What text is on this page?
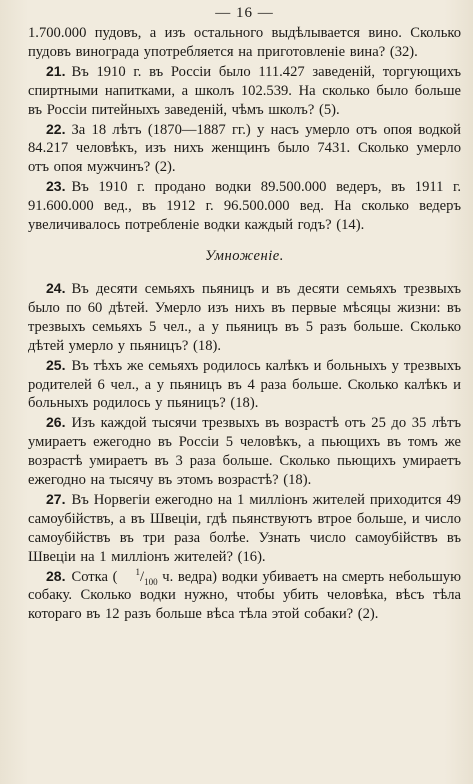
— 16 —

1.700.000 пудовъ, а изъ остального выдѣлывается вино. Сколько пудовъ винограда употребляется на приготовленіе вина? (32).

21. Въ 1910 г. въ Россіи было 111.427 заведеній, торгующихъ спиртными напитками, а школъ 102.539. На сколько было больше въ Россіи питейныхъ заведеній, чѣмъ школъ? (5).

22. За 18 лѣтъ (1870—1887 гг.) у насъ умерло отъ опоя водкой 84.217 человѣкъ, изъ нихъ женщинъ было 7431. Сколько умерло отъ опоя мужчинъ? (2).

23. Въ 1910 г. продано водки 89.500.000 ведеръ, въ 1911 г. 91.600.000 вед., въ 1912 г. 96.500.000 вед. На сколько ведеръ увеличивалось потребленіе водки каждый годъ? (14).

Умноженіе.

24. Въ десяти семьяхъ пьяницъ и въ десяти семьяхъ трезвыхъ было по 60 дѣтей. Умерло изъ нихъ въ первые мѣсяцы жизни: въ трезвыхъ семьяхъ 5 чел., а у пьяницъ въ 5 разъ больше. Сколько дѣтей умерло у пьяницъ? (18).

25. Въ тѣхъ же семьяхъ родилось калѣкъ и больныхъ у трезвыхъ родителей 6 чел., а у пьяницъ въ 4 раза больше. Сколько калѣкъ и больныхъ родилось у пьяницъ? (18).

26. Изъ каждой тысячи трезвыхъ въ возрастѣ отъ 25 до 35 лѣтъ умираетъ ежегодно въ Россіи 5 человѣкъ, а пьющихъ въ томъ же возрастѣ умираетъ въ 3 раза больше. Сколько пьющихъ умираетъ ежегодно на тысячу въ этомъ возрастѣ? (18).

27. Въ Норвегіи ежегодно на 1 милліонъ жителей приходится 49 самоубійствъ, а въ Швеціи, гдѣ пьянствуютъ втрое больше, и число самоубійствъ въ три раза болѣе. Узнать число самоубійствъ въ Швеціи на 1 милліонъ жителей? (16).

28. Сотка ( $^1/_{100}$ ч. ведра) водки убиваетъ на смерть небольшую собаку. Сколько водки нужно, чтобы убить человѣка, вѣсъ тѣла котораго въ 12 разъ больше вѣса тѣла этой собаки? (2).
